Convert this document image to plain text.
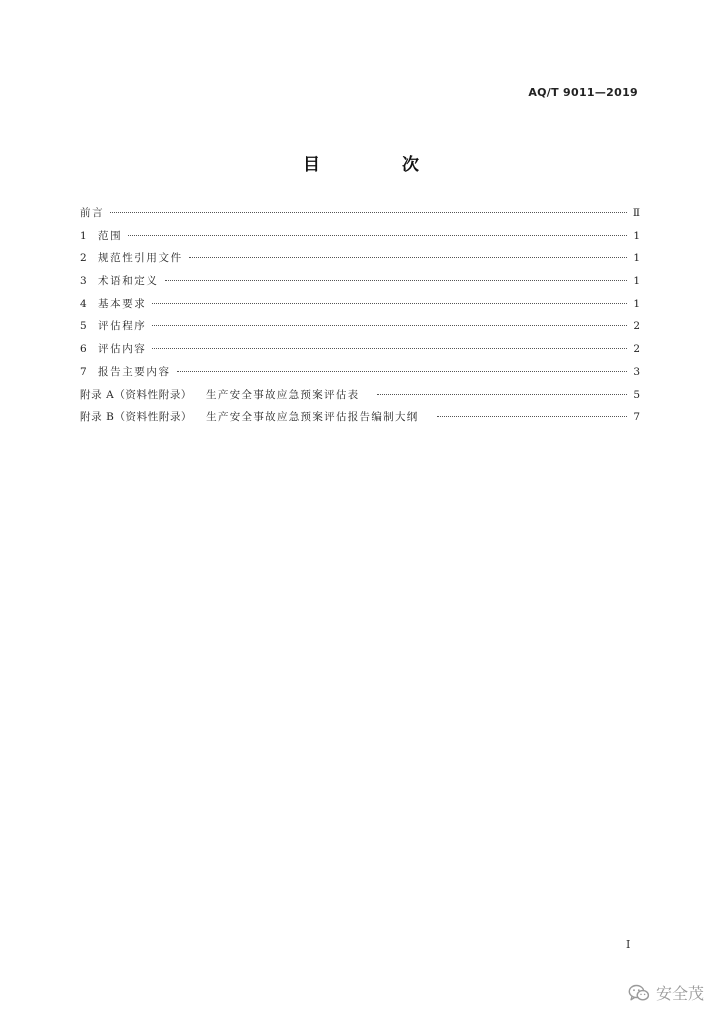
AQ/T 9011—2019
目 次
前言	Ⅱ
1	范围	1
2	规范性引用文件	1
3	术语和定义	1
4	基本要求	1
5	评估程序	2
6	评估内容	2
7	报告主要内容	3
附录 A（资料性附录） 生产安全事故应急预案评估表	5
附录 B（资料性附录） 生产安全事故应急预案评估报告编制大纲	7
I
安全茂
